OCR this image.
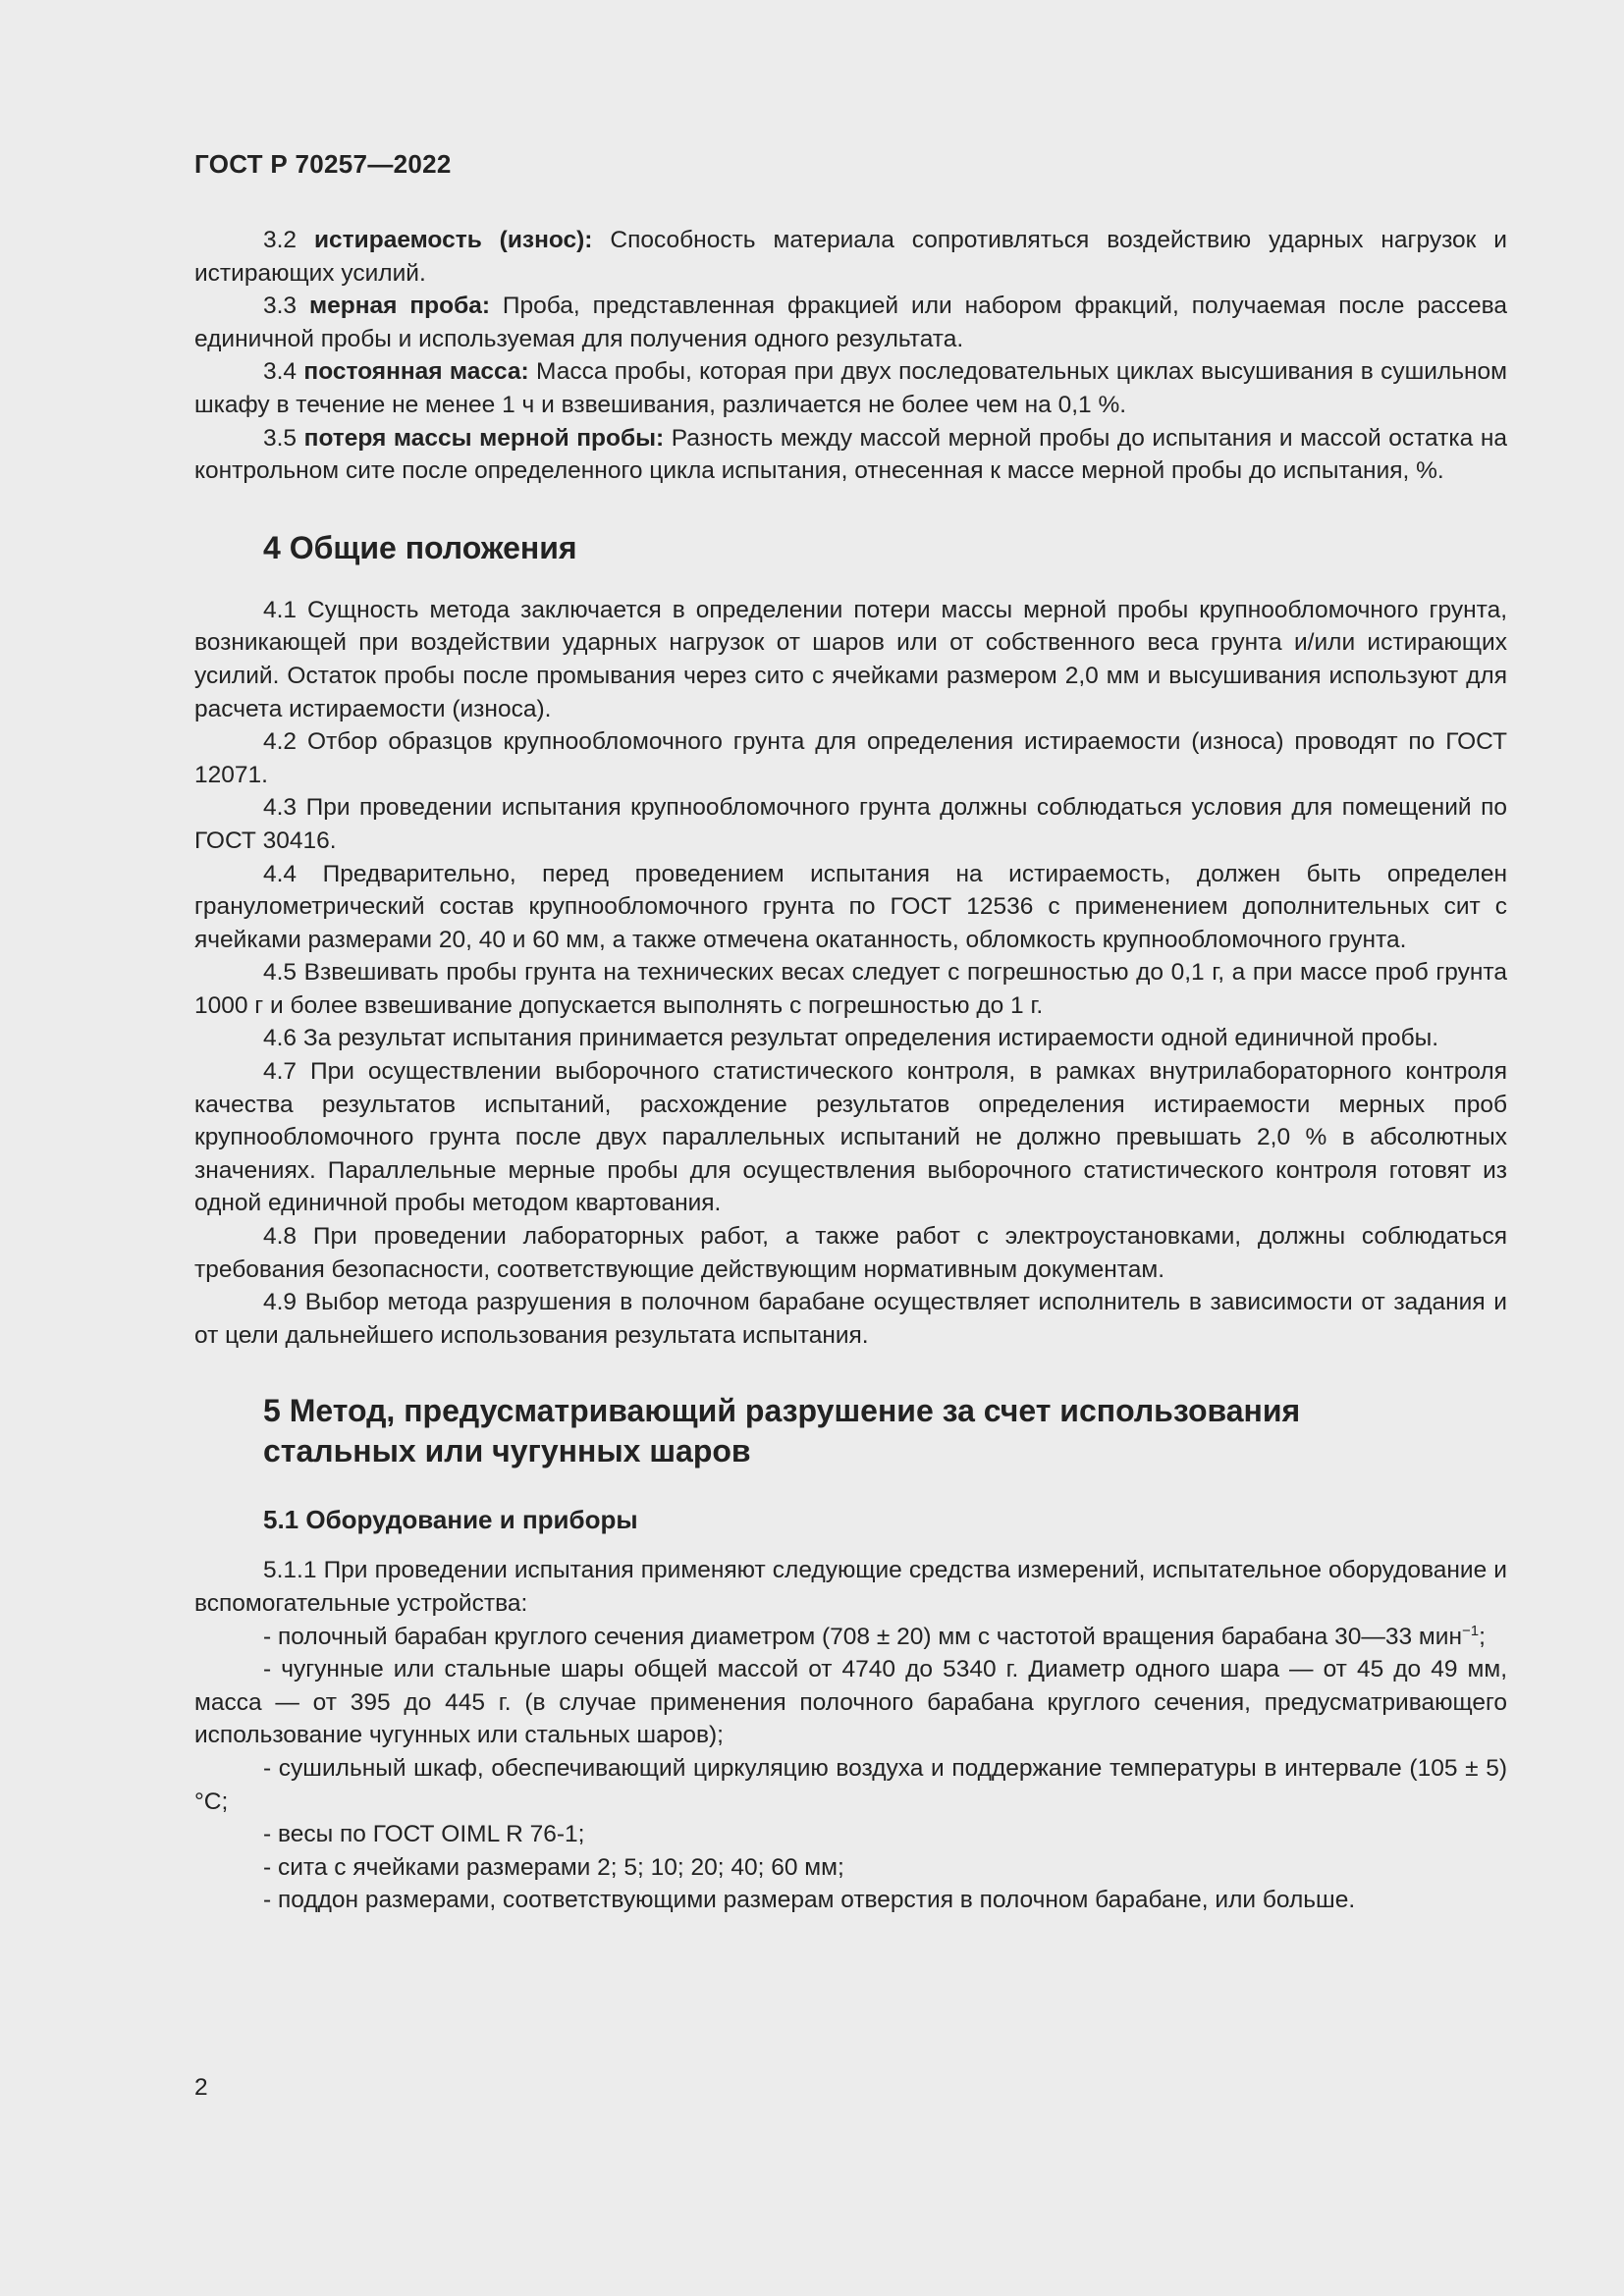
ГОСТ Р 70257—2022

3.2 истираемость (износ): Способность материала сопротивляться воздействию ударных нагрузок и истирающих усилий.

3.3 мерная проба: Проба, представленная фракцией или набором фракций, получаемая после рассева единичной пробы и используемая для получения одного результата.

3.4 постоянная масса: Масса пробы, которая при двух последовательных циклах высушивания в сушильном шкафу в течение не менее 1 ч и взвешивания, различается не более чем на 0,1 %.

3.5 потеря массы мерной пробы: Разность между массой мерной пробы до испытания и массой остатка на контрольном сите после определенного цикла испытания, отнесенная к массе мерной пробы до испытания, %.

4 Общие положения

4.1 Сущность метода заключается в определении потери массы мерной пробы крупнообломочного грунта, возникающей при воздействии ударных нагрузок от шаров или от собственного веса грунта и/или истирающих усилий. Остаток пробы после промывания через сито с ячейками размером 2,0 мм и высушивания используют для расчета истираемости (износа).

4.2 Отбор образцов крупнообломочного грунта для определения истираемости (износа) проводят по ГОСТ 12071.

4.3 При проведении испытания крупнообломочного грунта должны соблюдаться условия для помещений по ГОСТ 30416.

4.4 Предварительно, перед проведением испытания на истираемость, должен быть определен гранулометрический состав крупнообломочного грунта по ГОСТ 12536 с применением дополнительных сит с ячейками размерами 20, 40 и 60 мм, а также отмечена окатанность, обломкость крупнообломочного грунта.

4.5 Взвешивать пробы грунта на технических весах следует с погрешностью до 0,1 г, а при массе проб грунта 1000 г и более взвешивание допускается выполнять с погрешностью до 1 г.

4.6 За результат испытания принимается результат определения истираемости одной единичной пробы.

4.7 При осуществлении выборочного статистического контроля, в рамках внутрилабораторного контроля качества результатов испытаний, расхождение результатов определения истираемости мерных проб крупнообломочного грунта после двух параллельных испытаний не должно превышать 2,0 % в абсолютных значениях. Параллельные мерные пробы для осуществления выборочного статистического контроля готовят из одной единичной пробы методом квартования.

4.8 При проведении лабораторных работ, а также работ с электроустановками, должны соблюдаться требования безопасности, соответствующие действующим нормативным документам.

4.9 Выбор метода разрушения в полочном барабане осуществляет исполнитель в зависимости от задания и от цели дальнейшего использования результата испытания.

5 Метод, предусматривающий разрушение за счет использования
стальных или чугунных шаров
5.1 Оборудование и приборы

5.1.1 При проведении испытания применяют следующие средства измерений, испытательное оборудование и вспомогательные устройства:

- полочный барабан круглого сечения диаметром (708 ± 20) мм с частотой вращения барабана 30—33 мин$^{-1}$;

- чугунные или стальные шары общей массой от 4740 до 5340 г. Диаметр одного шара — от 45 до 49 мм, масса — от 395 до 445 г. (в случае применения полочного барабана круглого сечения, предусматривающего использование чугунных или стальных шаров);

- сушильный шкаф, обеспечивающий циркуляцию воздуха и поддержание температуры в интервале (105 ± 5) °С;

- весы по ГОСТ OIML R 76-1;

- сита с ячейками размерами 2; 5; 10; 20; 40; 60 мм;

- поддон размерами, соответствующими размерам отверстия в полочном барабане, или больше.

2
